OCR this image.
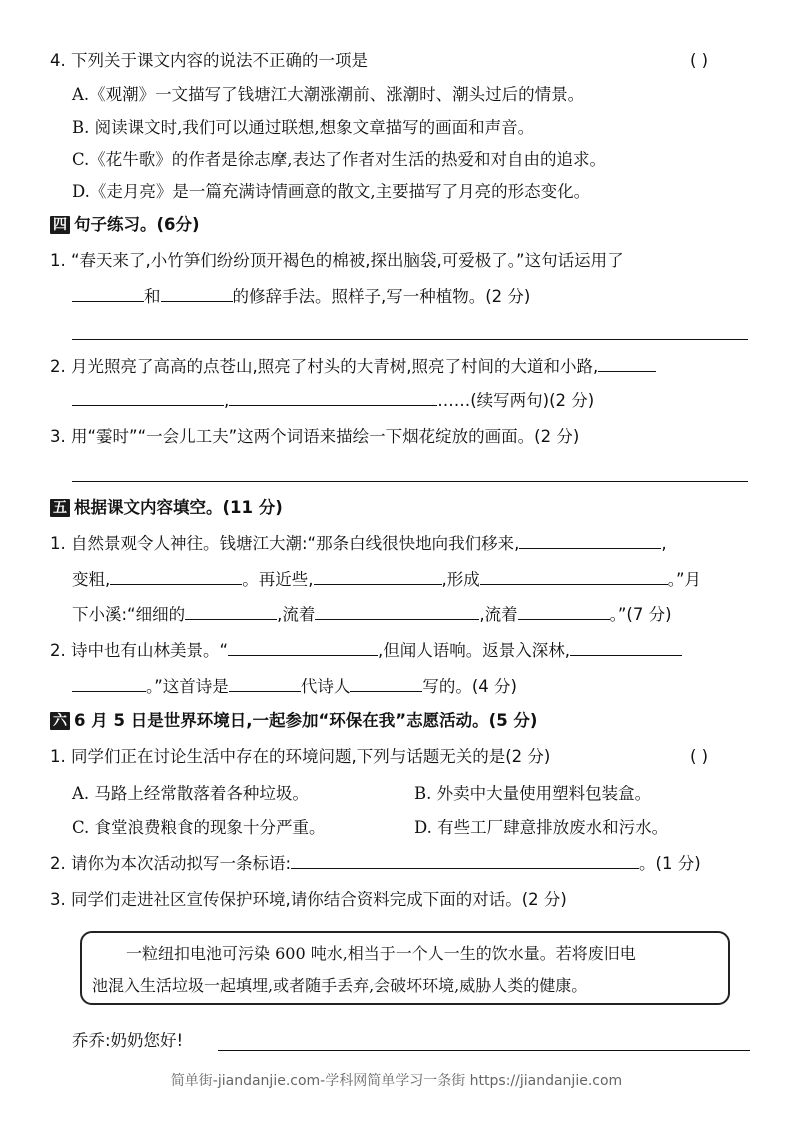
4. 下列关于课文内容的说法不正确的一项是	( )
A.《观潮》一文描写了钱塘江大潮涨潮前、涨潮时、潮头过后的情景。
B. 阅读课文时,我们可以通过联想,想象文章描写的画面和声音。
C.《花牛歌》的作者是徐志摩,表达了作者对生活的热爱和对自由的追求。
D.《走月亮》是一篇充满诗情画意的散文,主要描写了月亮的形态变化。
四 句子练习。(6分)
1. “春天来了,小竹笋们纷纷顶开褐色的棉被,探出脑袋,可爱极了。”这句话运用了
和	的修辞手法。照样子,写一种植物。(2 分)
2. 月光照亮了高高的点苍山,照亮了村头的大青树,照亮了村间的大道和小路,
,	……(续写两句)(2 分)
3. 用“霎时”“一会儿工夫”这两个词语来描绘一下烟花绽放的画面。(2 分)
五 根据课文内容填空。(11 分)
1. 自然景观令人神往。钱塘江大潮:“那条白线很快地向我们移来,	,
变粗,	。再近些,	,形成	。”月
下小溪:“细细的	,流着	,流着	。”(7 分)
2. 诗中也有山林美景。“	,但闻人语响。返景入深林,
。”这首诗是	代诗人	写的。(4 分)
六 6 月 5 日是世界环境日,一起参加“环保在我”志愿活动。(5 分)
1. 同学们正在讨论生活中存在的环境问题,下列与话题无关的是(2 分)	( )
A. 马路上经常散落着各种垃圾。	B. 外卖中大量使用塑料包装盒。
C. 食堂浪费粮食的现象十分严重。	D. 有些工厂肆意排放废水和污水。
2. 请你为本次活动拟写一条标语:	。(1 分)
3. 同学们走进社区宣传保护环境,请你结合资料完成下面的对话。(2 分)
一粒纽扣电池可污染 600 吨水,相当于一个人一生的饮水量。若将废旧电
池混入生活垃圾一起填埋,或者随手丢弃,会破坏环境,威胁人类的健康。
乔乔:奶奶您好!
简单街-jiandanjie.com-学科网简单学习一条街 https://jiandanjie.com
